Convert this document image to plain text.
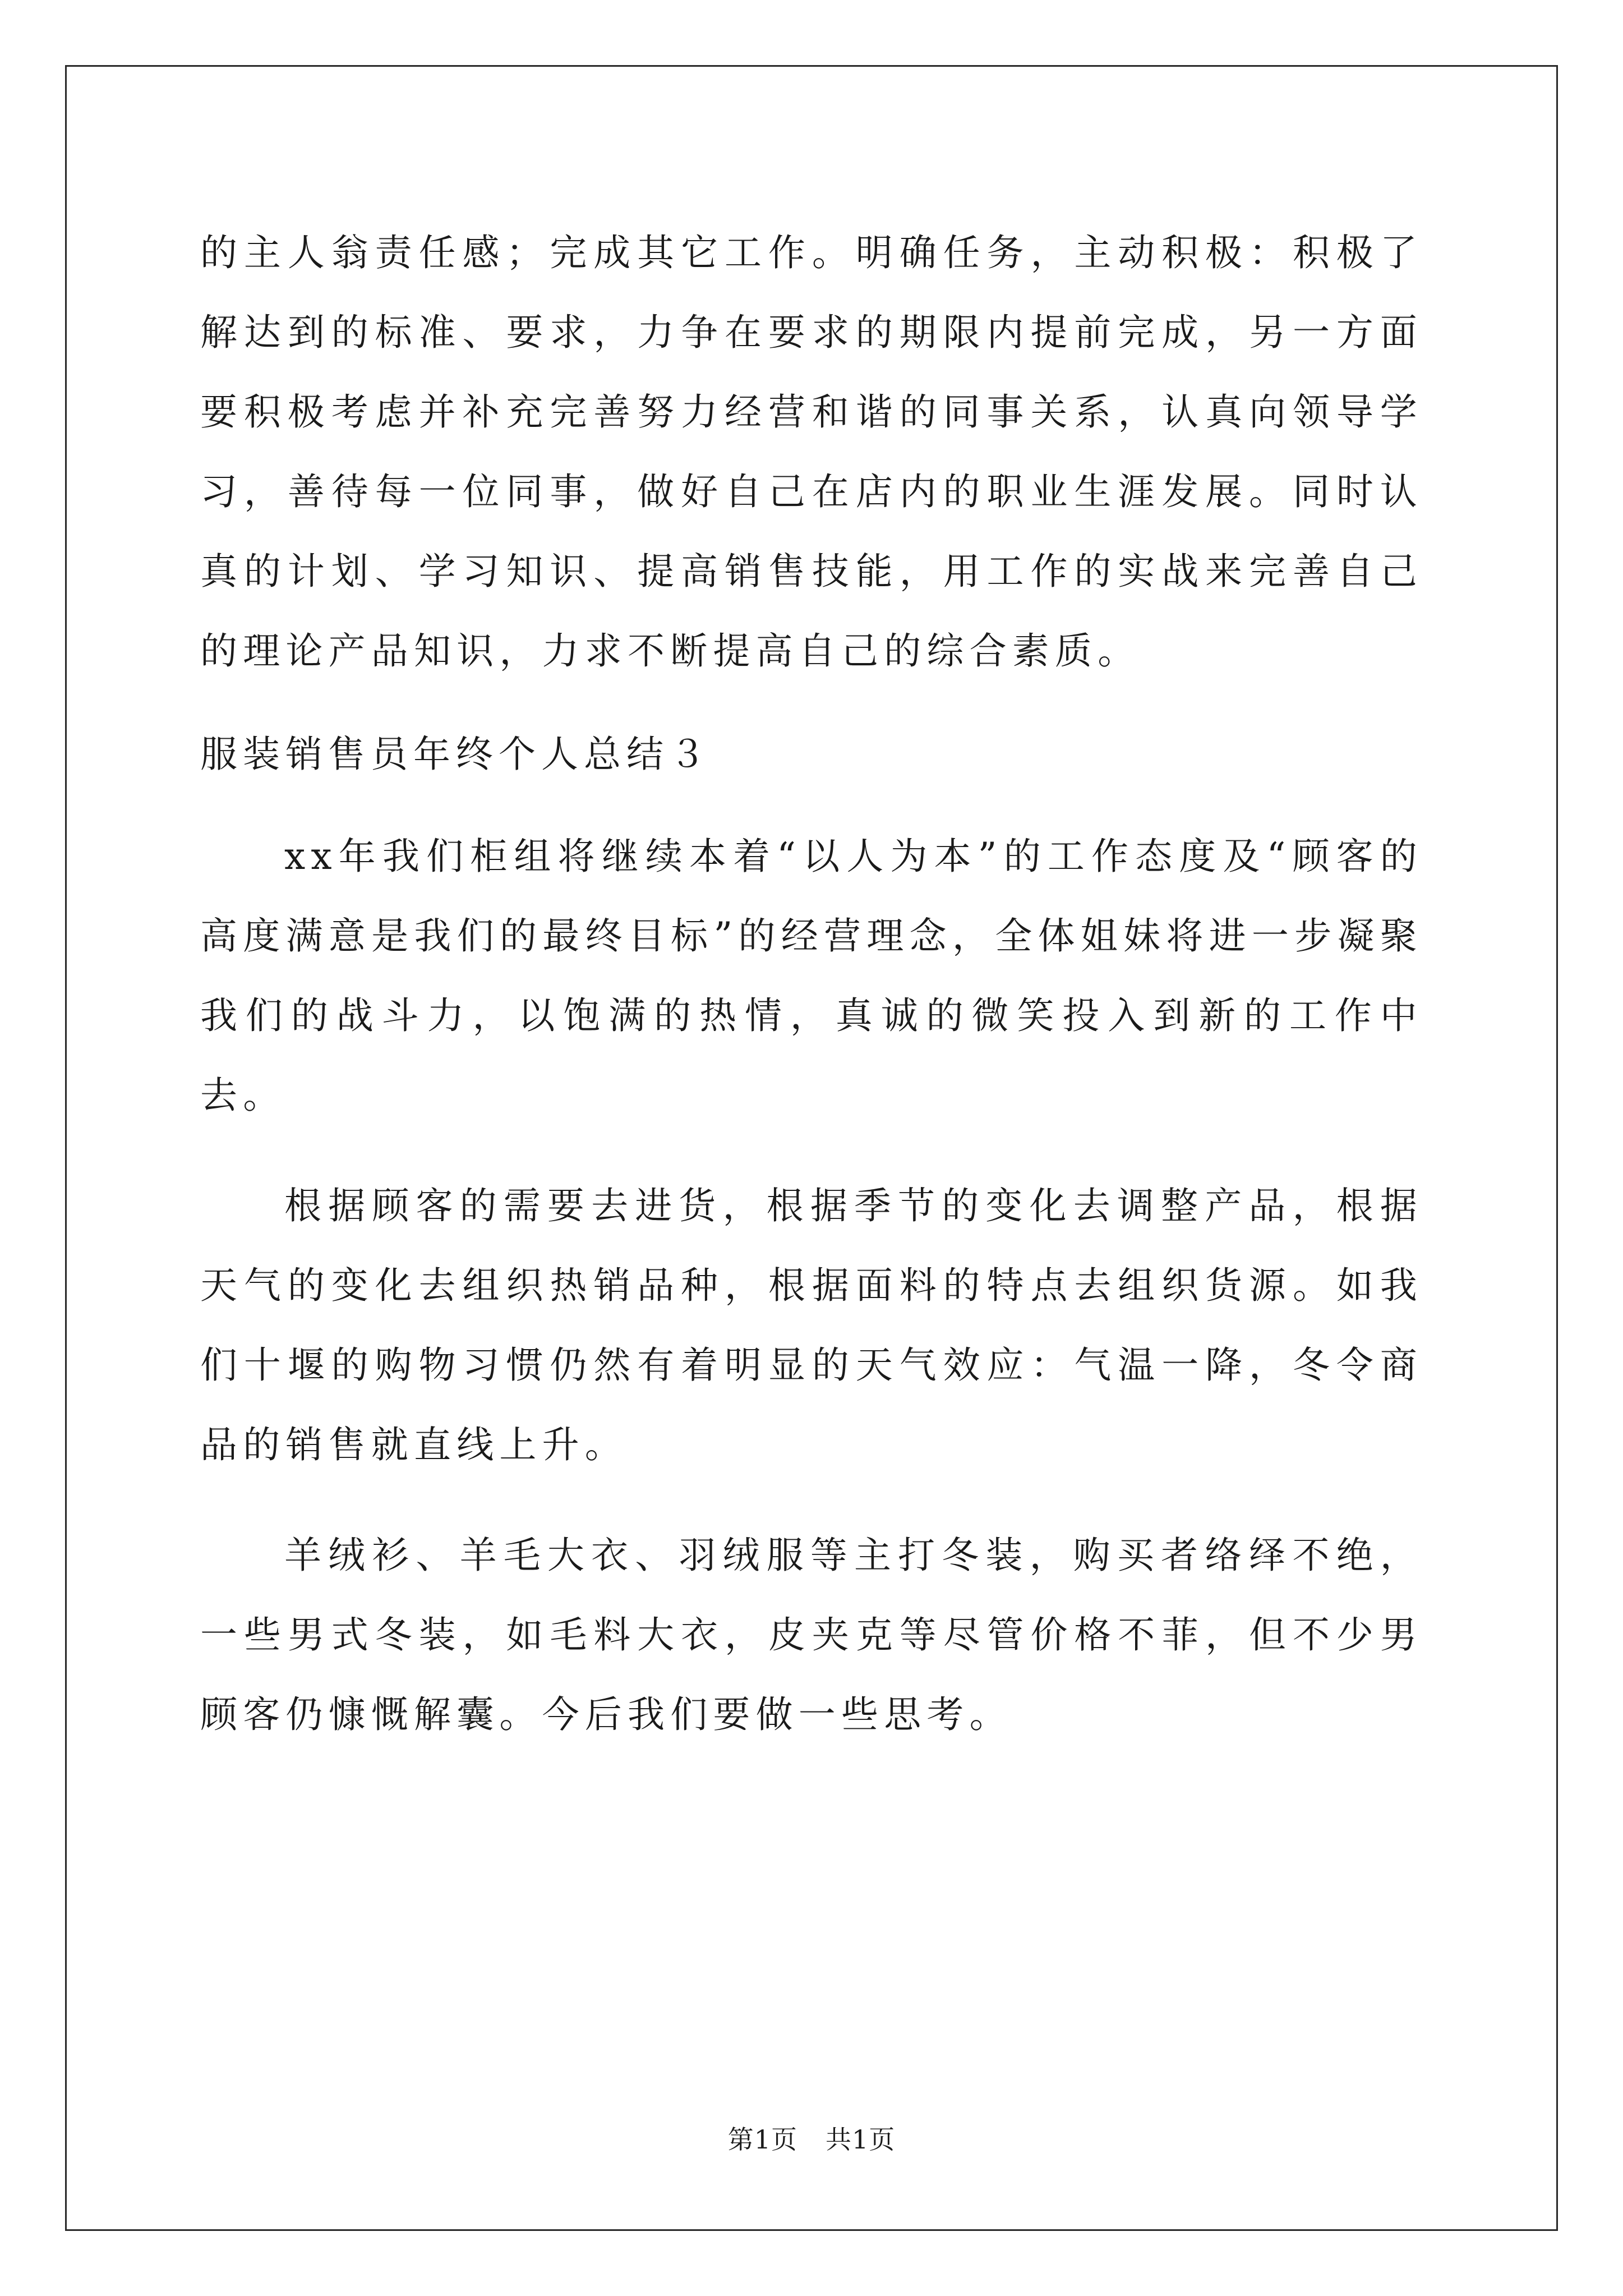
的主人翁责任感；完成其它工作。明确任务，主动积极：积极了解达到的标准、要求，力争在要求的期限内提前完成，另一方面要积极考虑并补充完善努力经营和谐的同事关系，认真向领导学习，善待每一位同事，做好自己在店内的职业生涯发展。同时认真的计划、学习知识、提高销售技能，用工作的实战来完善自己的理论产品知识，力求不断提高自己的综合素质。

服装销售员年终个人总结３

xx年我们柜组将继续本着“以人为本”的工作态度及“顾客的高度满意是我们的最终目标”的经营理念，全体姐妹将进一步凝聚我们的战斗力，以饱满的热情，真诚的微笑投入到新的工作中去。

根据顾客的需要去进货，根据季节的变化去调整产品，根据天气的变化去组织热销品种，根据面料的特点去组织货源。如我们十堰的购物习惯仍然有着明显的天气效应：气温一降，冬令商品的销售就直线上升。

羊绒衫、羊毛大衣、羽绒服等主打冬装，购买者络绎不绝，一些男式冬装，如毛料大衣，皮夹克等尽管价格不菲，但不少男顾客仍慷慨解囊。今后我们要做一些思考。

第1页 共1页
